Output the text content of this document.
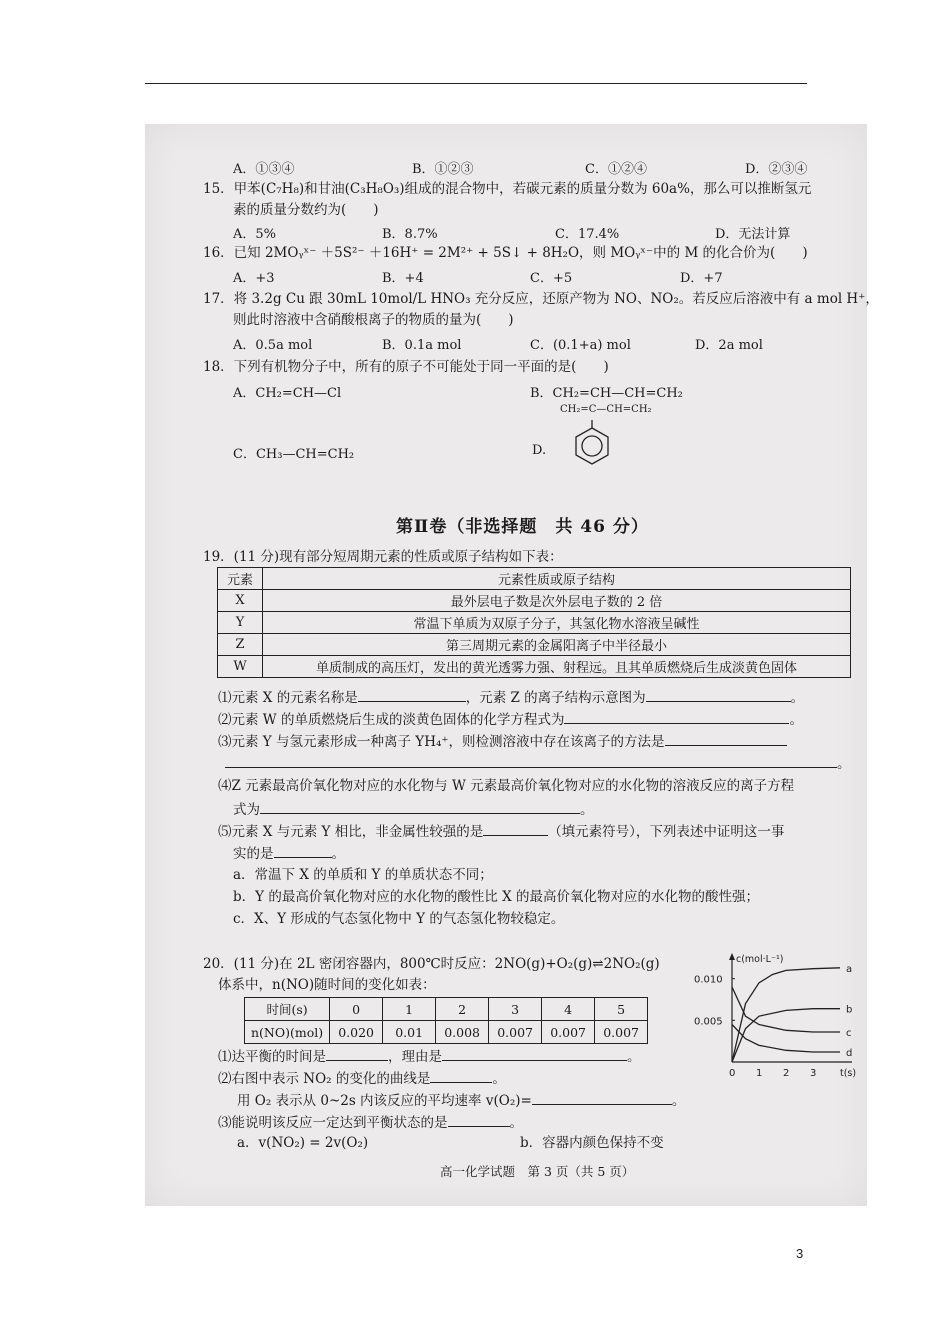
A．①③④	B．①②③	C．①②④	D．②③④
15．甲苯(C₇H₈)和甘油(C₃H₈O₃)组成的混合物中，若碳元素的质量分数为 60a%，那么可以推断氢元
素的质量分数约为(　　)
A．5%	B．8.7%	C．17.4%	D．无法计算
16．已知 2MOᵧˣ⁻ ＋5S²⁻ ＋16H⁺ = 2M²⁺ + 5S↓ + 8H₂O，则 MOᵧˣ⁻中的 M 的化合价为(　　)
A．+3	B．+4	C．+5	D．+7
17．将 3.2g Cu 跟 30mL 10mol/L HNO₃ 充分反应，还原产物为 NO、NO₂。若反应后溶液中有 a mol H⁺，
则此时溶液中含硝酸根离子的物质的量为(　　)
A．0.5a mol	B．0.1a mol	C．(0.1+a) mol	D．2a mol
18．下列有机物分子中，所有的原子不可能处于同一平面的是(　　)
A．CH₂=CH—Cl	B．CH₂=CH—CH=CH₂
CH₂=C—CH=CH₂
C．CH₃—CH=CH₂	D.
第Ⅱ卷（非选择题　共 46 分）
19．(11 分)现有部分短周期元素的性质或原子结构如下表：
元素	元素性质或原子结构
X	最外层电子数是次外层电子数的 2 倍
Y	常温下单质为双原子分子，其氢化物水溶液呈碱性
Z	第三周期元素的金属阳离子中半径最小
W	单质制成的高压灯，发出的黄光透雾力强、射程远。且其单质燃烧后生成淡黄色固体
⑴元素 X 的元素名称是	，元素 Z 的离子结构示意图为	。
⑵元素 W 的单质燃烧后生成的淡黄色固体的化学方程式为	。
⑶元素 Y 与氢元素形成一种离子 YH₄⁺，则检测溶液中存在该离子的方法是
。
⑷Z 元素最高价氧化物对应的水化物与 W 元素最高价氧化物对应的水化物的溶液反应的离子方程
式为	。
⑸元素 X 与元素 Y 相比，非金属性较强的是	（填元素符号），下列表述中证明这一事
实的是	。
a．常温下 X 的单质和 Y 的单质状态不同；
b．Y 的最高价氧化物对应的水化物的酸性比 X 的最高价氧化物对应的水化物的酸性强；
c．X、Y 形成的气态氢化物中 Y 的气态氢化物较稳定。
20．(11 分)在 2L 密闭容器内，800℃时反应：2NO(g)+O₂(g)⇌2NO₂(g)
体系中，n(NO)随时间的变化如表：
时间(s)	0	1	2	3	4	5
n(NO)(mol)	0.020	0.01	0.008	0.007	0.007	0.007
⑴达平衡的时间是	，理由是	。
⑵右图中表示 NO₂ 的变化的曲线是	。
用 O₂ 表示从 0~2s 内该反应的平均速率 v(O₂)=	。
⑶能说明该反应一定达到平衡状态的是	。
a．v(NO₂) = 2v(O₂)	b．容器内颜色保持不变
c(mol·L⁻¹)
t(s)
0.010
0.005
0 1 2 3
a
b
c
d
高一化学试题　第 3 页（共 5 页）
3
